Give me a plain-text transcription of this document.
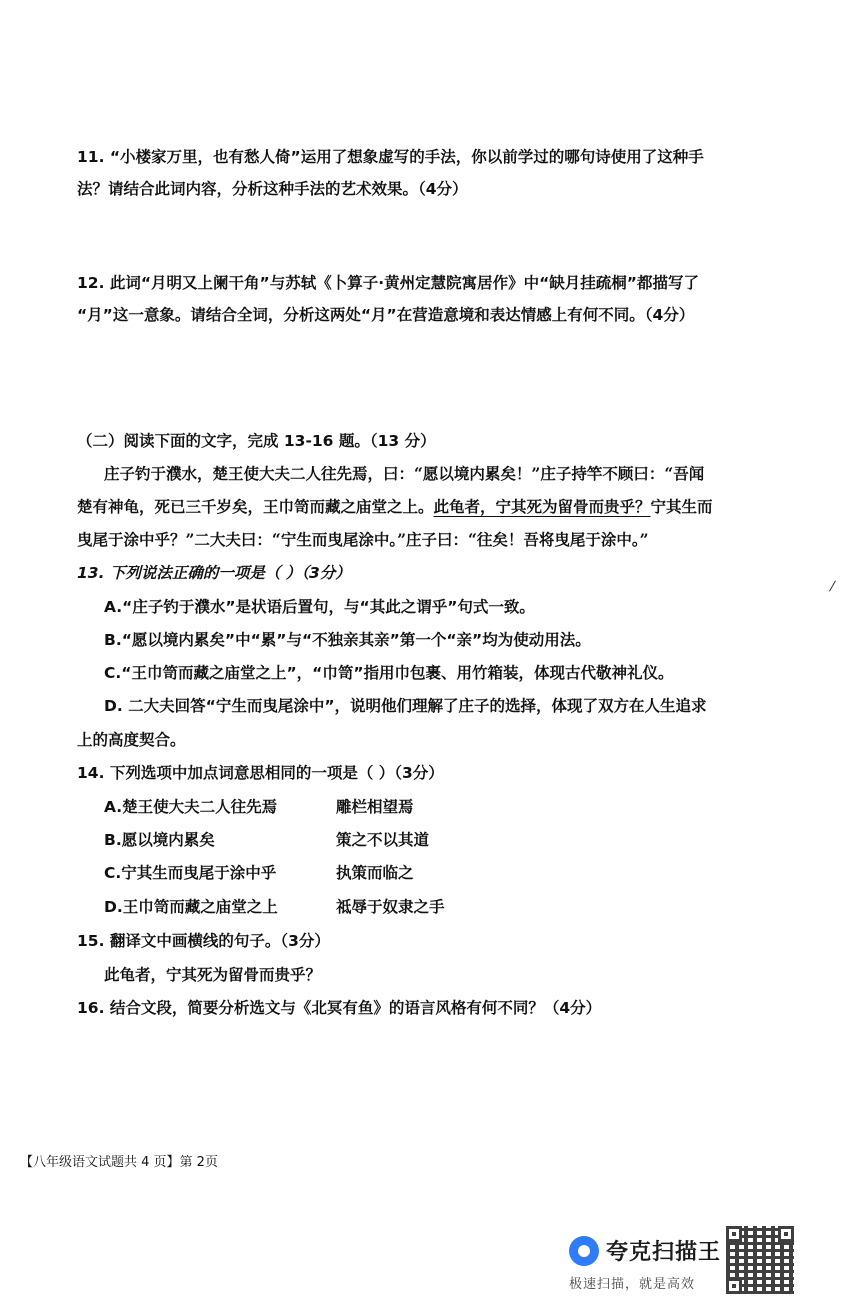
11. “小楼家万里，也有愁人倚”运用了想象虚写的手法，你以前学过的哪句诗使用了这种手
法？请结合此词内容，分析这种手法的艺术效果。（4分）
12. 此词“月明又上阑干角”与苏轼《卜算子·黄州定慧院寓居作》中“缺月挂疏桐”都描写了
“月”这一意象。请结合全词，分析这两处“月”在营造意境和表达情感上有何不同。（4分）
（二）阅读下面的文字，完成 13-16 题。（13 分）
庄子钓于濮水，楚王使大夫二人往先焉，曰：“愿以境内累矣！”庄子持竿不顾曰：“吾闻
楚有神龟，死已三千岁矣，王巾笥而藏之庙堂之上。此龟者，宁其死为留骨而贵乎？宁其生而
曳尾于涂中乎？”二大夫曰：“宁生而曳尾涂中。”庄子曰：“往矣！吾将曳尾于涂中。”
13. 下列说法正确的一项是（ ）（3分）
A.“庄子钓于濮水”是状语后置句，与“其此之谓乎”句式一致。
B.“愿以境内累矣”中“累”与“不独亲其亲”第一个“亲”均为使动用法。
C.“王巾笥而藏之庙堂之上”，“巾笥”指用巾包裹、用竹箱装，体现古代敬神礼仪。
D. 二大夫回答“宁生而曳尾涂中”，说明他们理解了庄子的选择，体现了双方在人生追求
上的高度契合。
14. 下列选项中加点词意思相同的一项是（ ）（3分）
A.楚王使大夫二人往先焉	雕栏相望焉
B.愿以境内累矣	策之不以其道
C.宁其生而曳尾于涂中乎	执策而临之
D.王巾笥而藏之庙堂之上	祗辱于奴隶之手
15. 翻译文中画横线的句子。（3分）
此龟者，宁其死为留骨而贵乎？
16. 结合文段，简要分析选文与《北冥有鱼》的语言风格有何不同？（4分）
【八年级语文试题共 4 页】第 2页
夸克扫描王
极速扫描，就是高效
